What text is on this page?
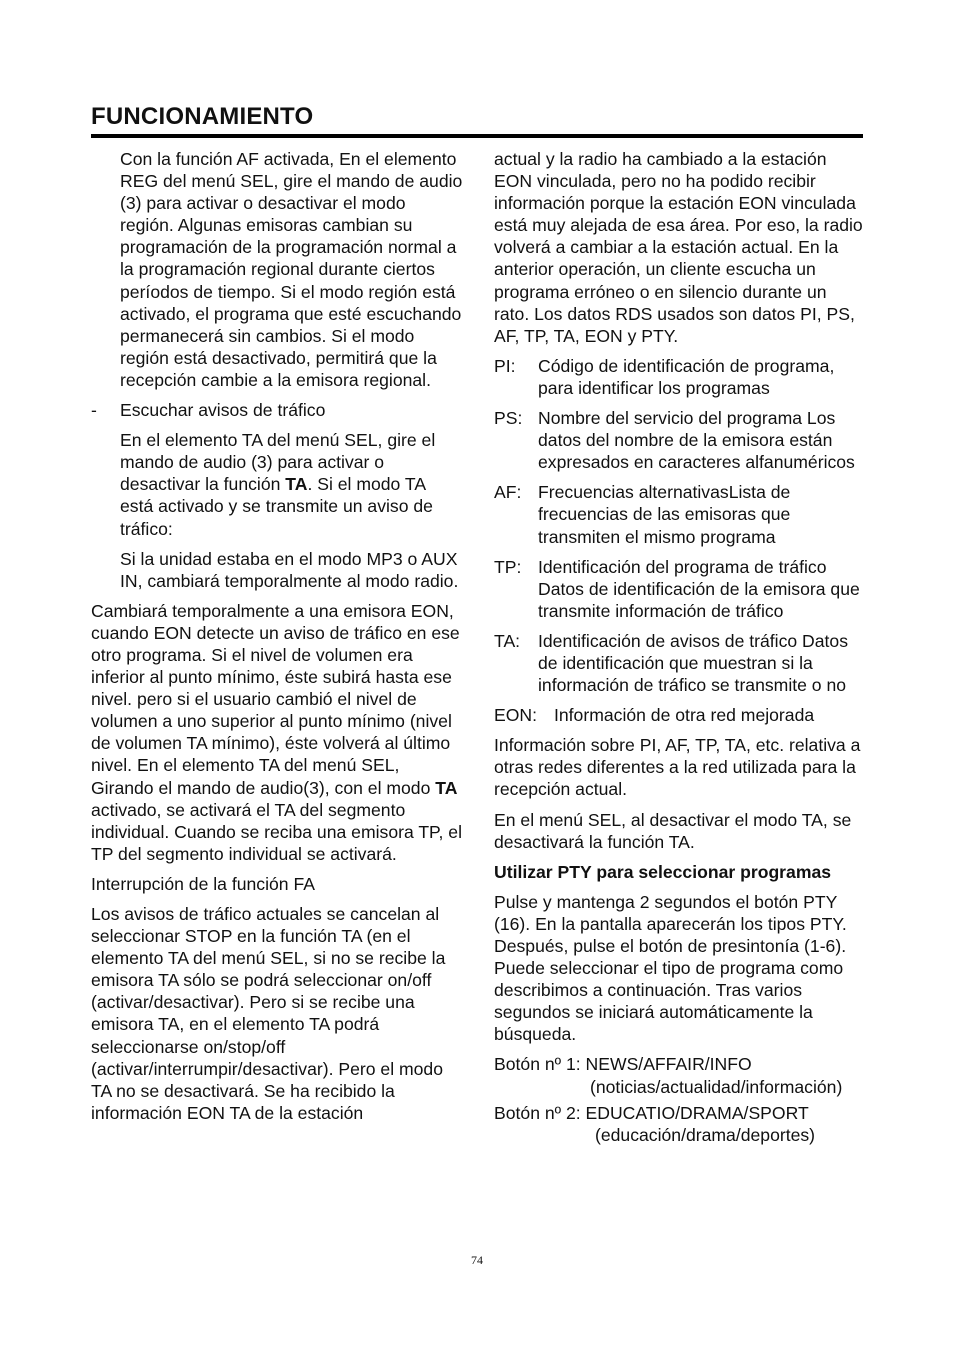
FUNCIONAMIENTO

Con la función AF activada, En el elemento REG del menú SEL, gire el mando de audio (3) para activar o desactivar el modo región. Algunas emisoras cambian su programación de la programación normal a la programación regional durante ciertos períodos de tiempo. Si el modo región está activado, el programa que esté escuchando permanecerá sin cambios. Si el modo región está desactivado, permitirá que la recepción cambie a la emisora regional.

-	Escuchar avisos de tráfico

En el elemento TA del menú SEL, gire el mando de audio (3) para activar o desactivar la función TA. Si el modo TA está activado y se transmite un aviso de tráfico:

Si la unidad estaba en el modo MP3 o AUX IN, cambiará temporalmente al modo radio.

Cambiará temporalmente a una emisora EON, cuando EON detecte un aviso de tráfico en ese otro programa. Si el nivel de volumen era inferior al punto mínimo, éste subirá hasta ese nivel. pero si el usuario cambió el nivel de volumen a uno superior al punto mínimo (nivel de volumen TA mínimo), éste volverá al último nivel. En el elemento TA del menú SEL, Girando el mando de audio(3), con el modo TA activado, se activará el TA del segmento individual. Cuando se reciba una emisora TP, el TP del segmento individual se activará.

Interrupción de la función FA

Los avisos de tráfico actuales se cancelan al seleccionar STOP en la función TA (en el elemento TA del menú SEL, si no se recibe la emisora TA sólo se podrá seleccionar on/off (activar/desactivar). Pero si se recibe una emisora TA, en el elemento TA podrá seleccionarse on/stop/off (activar/interrumpir/desactivar). Pero el modo TA no se desactivará. Se ha recibido la información EON TA de la estación

actual y la radio ha cambiado a la estación EON vinculada, pero no ha podido recibir información porque la estación EON vinculada está muy alejada de esa área. Por eso, la radio volverá a cambiar a la estación actual. En la anterior operación, un cliente escucha un programa erróneo o en silencio durante un rato. Los datos RDS usados son datos PI, PS, AF, TP, TA, EON y PTY.

PI:	Código de identificación de programa, para identificar los programas
PS: Nombre del servicio del programa Los datos del nombre de la emisora están expresados en caracteres alfanuméricos
AF: Frecuencias alternativasLista de frecuencias de las emisoras que transmiten el mismo programa
TP: Identificación del programa de tráfico Datos de identificación de la emisora que transmite información de tráfico
TA:	Identificación de avisos de tráfico Datos de identificación que muestran si la información de tráfico se transmite o no
EON: Información de otra red mejorada

Información sobre PI, AF, TP, TA, etc. relativa a otras redes diferentes a la red utilizada para la recepción actual.

En el menú SEL, al desactivar el modo TA, se desactivará la función TA.

Utilizar PTY para seleccionar programas

Pulse y mantenga 2 segundos el botón PTY (16). En la pantalla aparecerán los tipos PTY. Después, pulse el botón de presintonía (1-6). Puede seleccionar el tipo de programa como describimos a continuación. Tras varios segundos se iniciará automáticamente la búsqueda.

Botón nº 1: NEWS/AFFAIR/INFO

(noticias/actualidad/información)

Botón nº 2: EDUCATIO/DRAMA/SPORT

(educación/drama/deportes)

74
